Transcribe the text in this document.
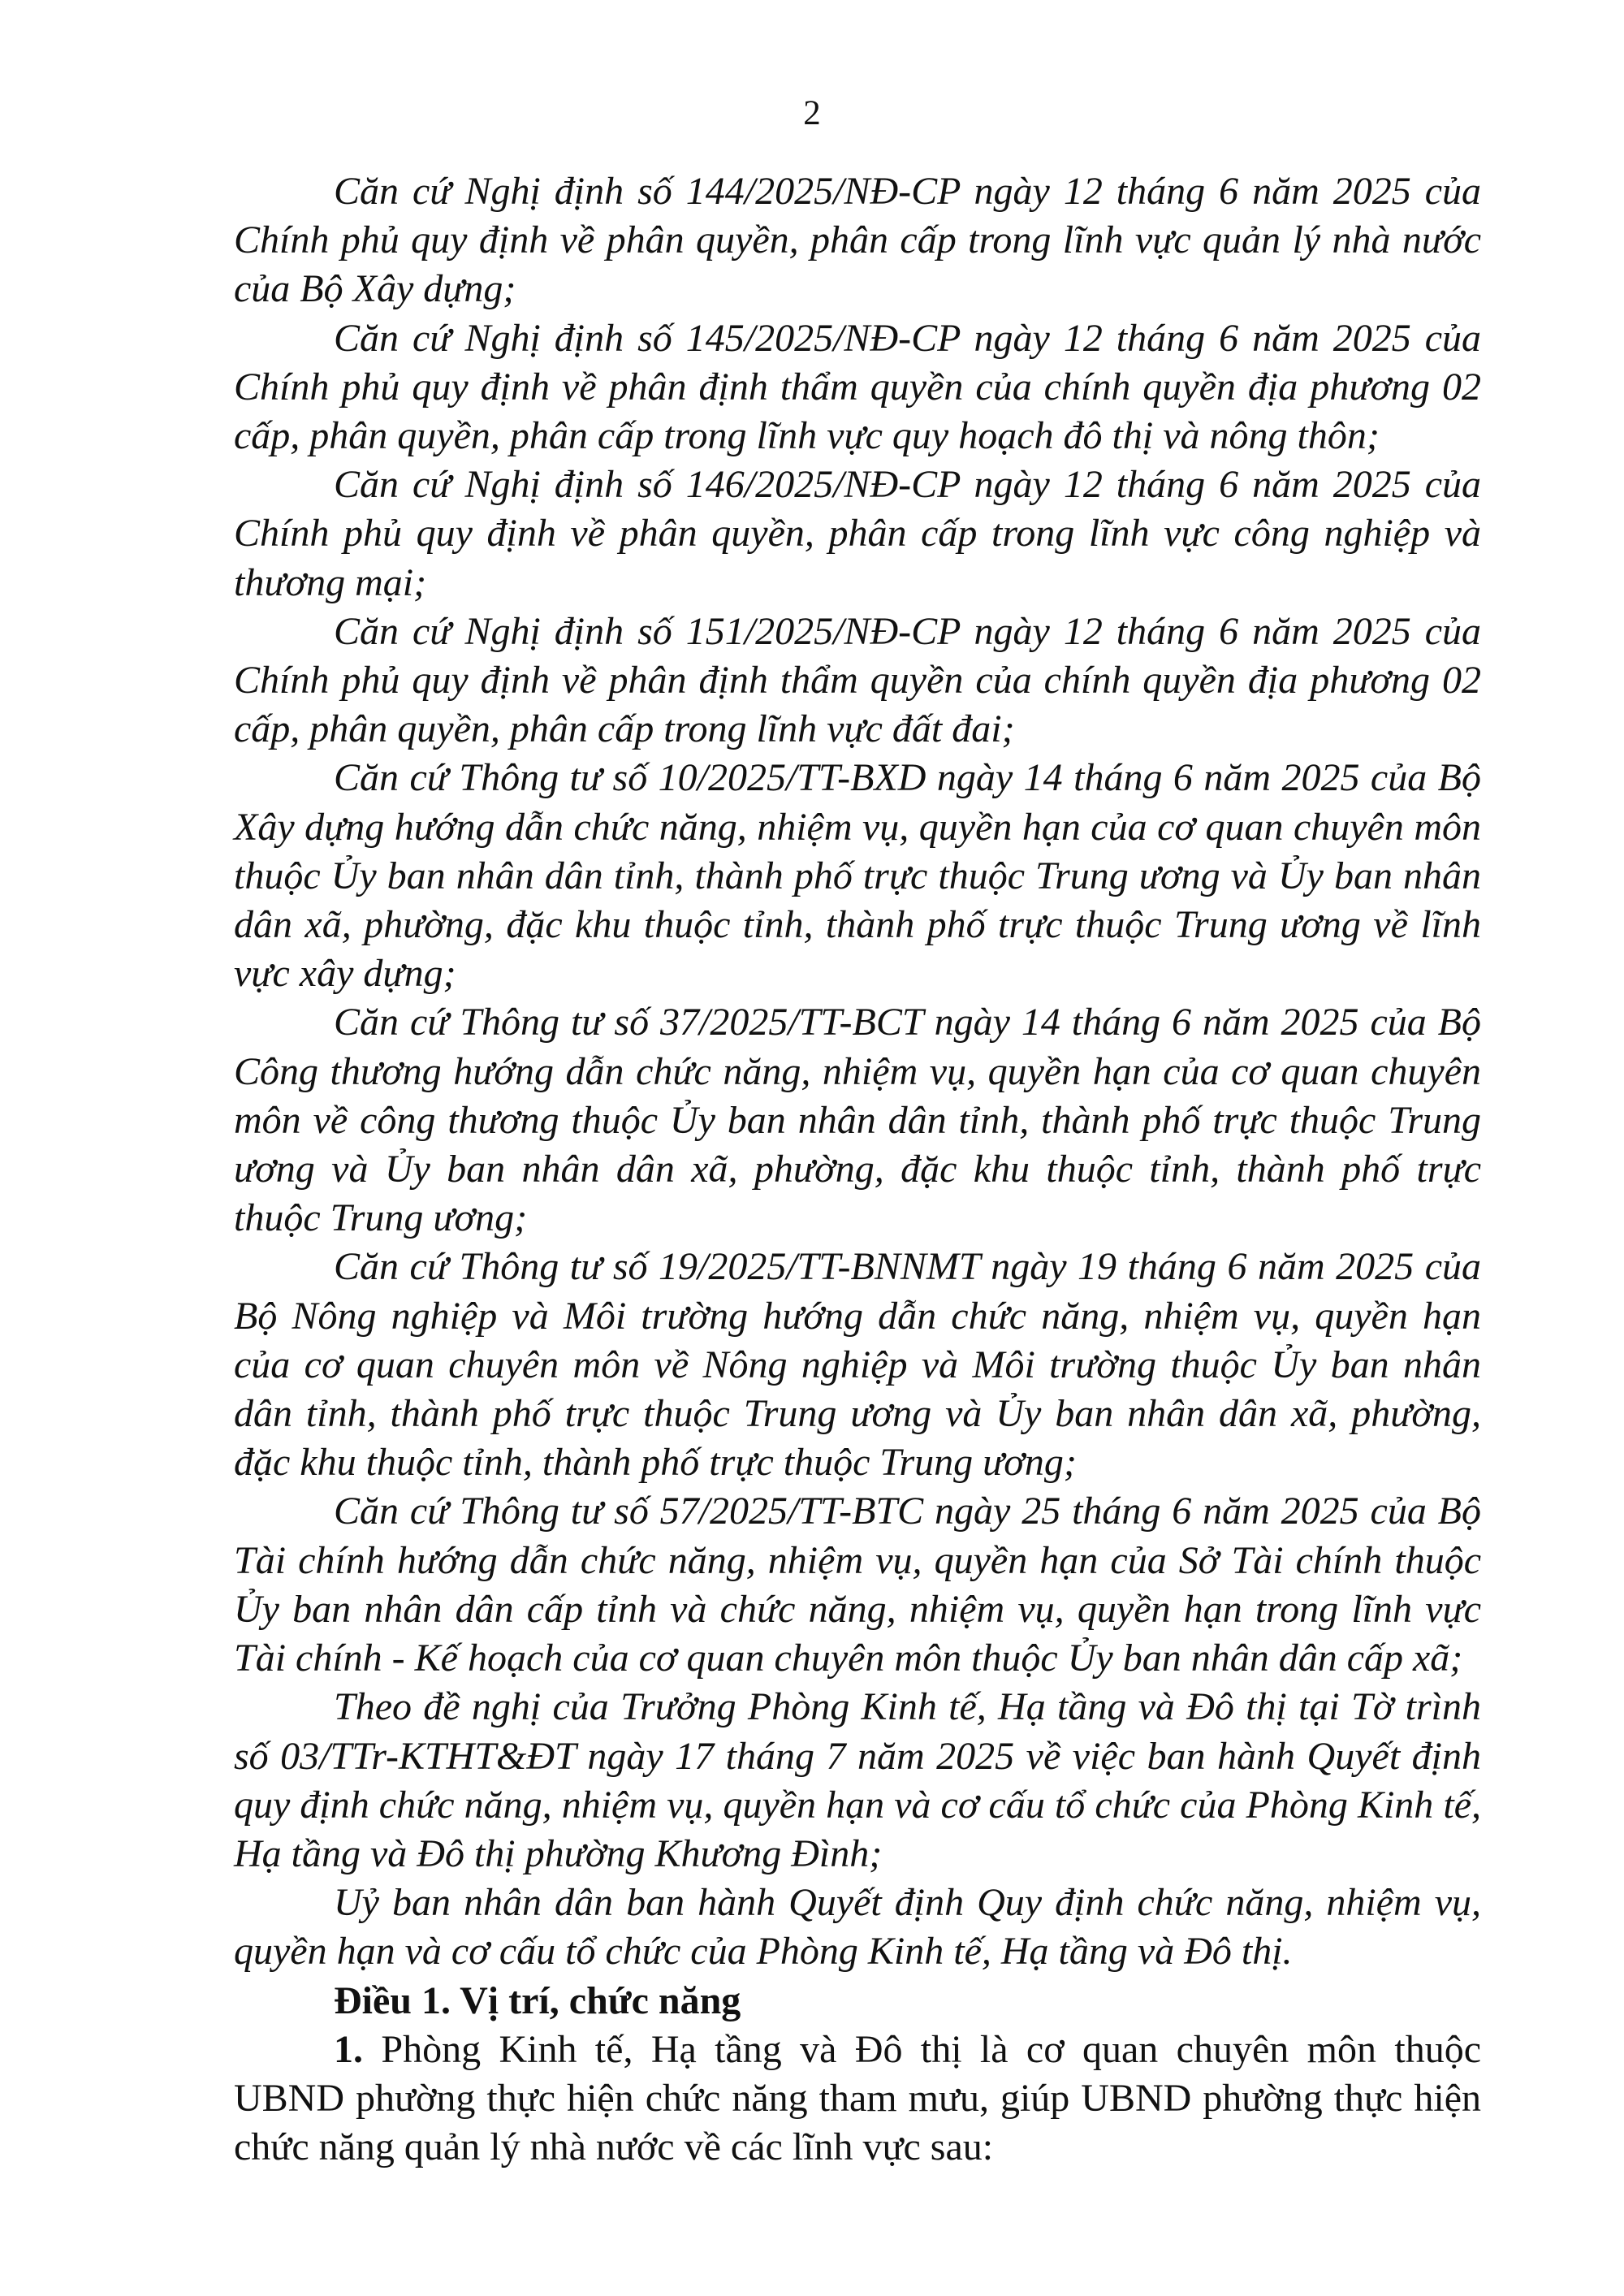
2

Căn cứ Nghị định số 144/2025/NĐ-CP ngày 12 tháng 6 năm 2025 của Chính phủ quy định về phân quyền, phân cấp trong lĩnh vực quản lý nhà nước của Bộ Xây dựng;

Căn cứ Nghị định số 145/2025/NĐ-CP ngày 12 tháng 6 năm 2025 của Chính phủ quy định về phân định thẩm quyền của chính quyền địa phương 02 cấp, phân quyền, phân cấp trong lĩnh vực quy hoạch đô thị và nông thôn;

Căn cứ Nghị định số 146/2025/NĐ-CP ngày 12 tháng 6 năm 2025 của Chính phủ quy định về phân quyền, phân cấp trong lĩnh vực công nghiệp và thương mại;

Căn cứ Nghị định số 151/2025/NĐ-CP ngày 12 tháng 6 năm 2025 của Chính phủ quy định về phân định thẩm quyền của chính quyền địa phương 02 cấp, phân quyền, phân cấp trong lĩnh vực đất đai;

Căn cứ Thông tư số 10/2025/TT-BXD ngày 14 tháng 6 năm 2025 của Bộ Xây dựng hướng dẫn chức năng, nhiệm vụ, quyền hạn của cơ quan chuyên môn thuộc Ủy ban nhân dân tỉnh, thành phố trực thuộc Trung ương và Ủy ban nhân dân xã, phường, đặc khu thuộc tỉnh, thành phố trực thuộc Trung ương về lĩnh vực xây dựng;

Căn cứ Thông tư số 37/2025/TT-BCT ngày 14 tháng 6 năm 2025 của Bộ Công thương hướng dẫn chức năng, nhiệm vụ, quyền hạn của cơ quan chuyên môn về công thương thuộc Ủy ban nhân dân tỉnh, thành phố trực thuộc Trung ương và Ủy ban nhân dân xã, phường, đặc khu thuộc tỉnh, thành phố trực thuộc Trung ương;

Căn cứ Thông tư số 19/2025/TT-BNNMT ngày 19 tháng 6 năm 2025 của Bộ Nông nghiệp và Môi trường hướng dẫn chức năng, nhiệm vụ, quyền hạn của cơ quan chuyên môn về Nông nghiệp và Môi trường thuộc Ủy ban nhân dân tỉnh, thành phố trực thuộc Trung ương và Ủy ban nhân dân xã, phường, đặc khu thuộc tỉnh, thành phố trực thuộc Trung ương;

Căn cứ Thông tư số 57/2025/TT-BTC ngày 25 tháng 6 năm 2025 của Bộ Tài chính hướng dẫn chức năng, nhiệm vụ, quyền hạn của Sở Tài chính thuộc Ủy ban nhân dân cấp tỉnh và chức năng, nhiệm vụ, quyền hạn trong lĩnh vực Tài chính - Kế hoạch của cơ quan chuyên môn thuộc Ủy ban nhân dân cấp xã;

Theo đề nghị của Trưởng Phòng Kinh tế, Hạ tầng và Đô thị tại Tờ trình số 03/TTr-KTHT&ĐT ngày 17 tháng 7 năm 2025 về việc ban hành Quyết định quy định chức năng, nhiệm vụ, quyền hạn và cơ cấu tổ chức của Phòng Kinh tế, Hạ tầng và Đô thị phường Khương Đình;

Uỷ ban nhân dân ban hành Quyết định Quy định chức năng, nhiệm vụ, quyền hạn và cơ cấu tổ chức của Phòng Kinh tế, Hạ tầng và Đô thị.

Điều 1. Vị trí, chức năng

1. Phòng Kinh tế, Hạ tầng và Đô thị là cơ quan chuyên môn thuộc UBND phường thực hiện chức năng tham mưu, giúp UBND phường thực hiện chức năng quản lý nhà nước về các lĩnh vực sau:
